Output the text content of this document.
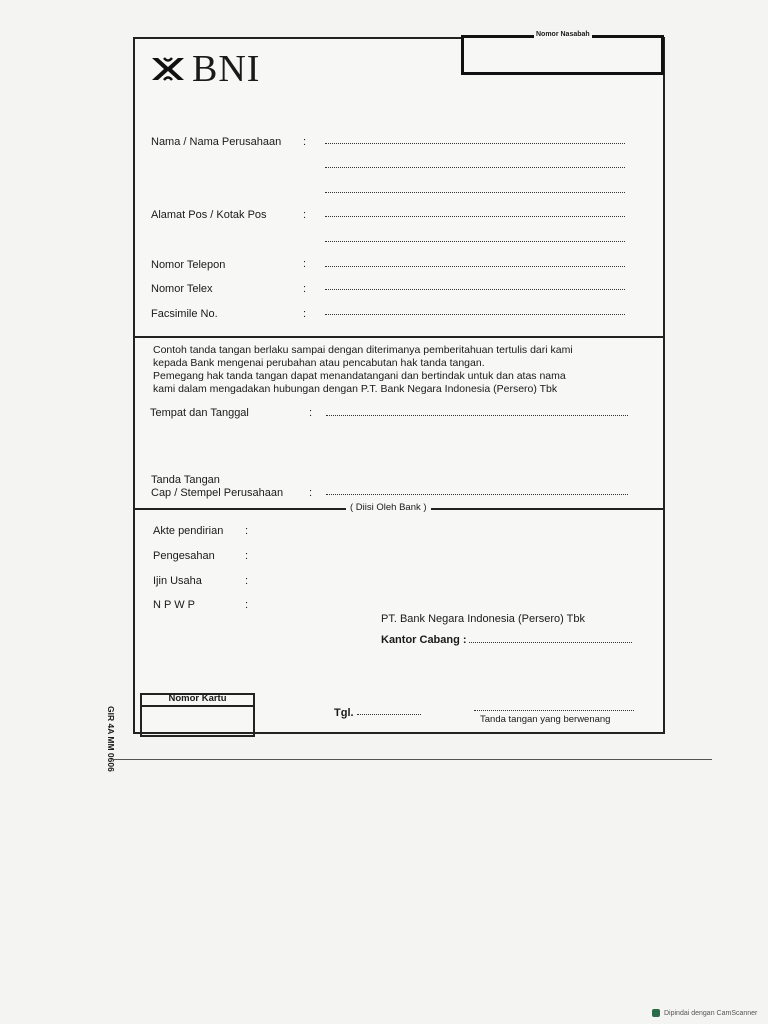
Nomor Nasabah
BNI
Nama / Nama Perusahaan :
Alamat Pos / Kotak Pos	:
Nomor Telepon	:
Nomor Telex	:
Facsimile No.	:
Contoh tanda tangan berlaku sampai dengan diterimanya pemberitahuan tertulis dari kami
kepada Bank mengenai perubahan atau pencabutan hak tanda tangan.
Pemegang hak tanda tangan dapat menandatangani dan bertindak untuk dan atas nama
kami dalam mengadakan hubungan dengan P.T. Bank Negara Indonesia (Persero) Tbk
Tempat dan Tanggal	:
Tanda Tangan
Cap / Stempel Perusahaan :
( Diisi Oleh Bank )
Akte pendirian :
Pengesahan	:
Ijin Usaha	:
N P W P	:
PT. Bank Negara Indonesia (Persero) Tbk
Kantor Cabang :
Nomor Kartu
Tgl.
Tanda tangan yang berwenang
GIR 4A MM 0606
Dipindai dengan CamScanner
